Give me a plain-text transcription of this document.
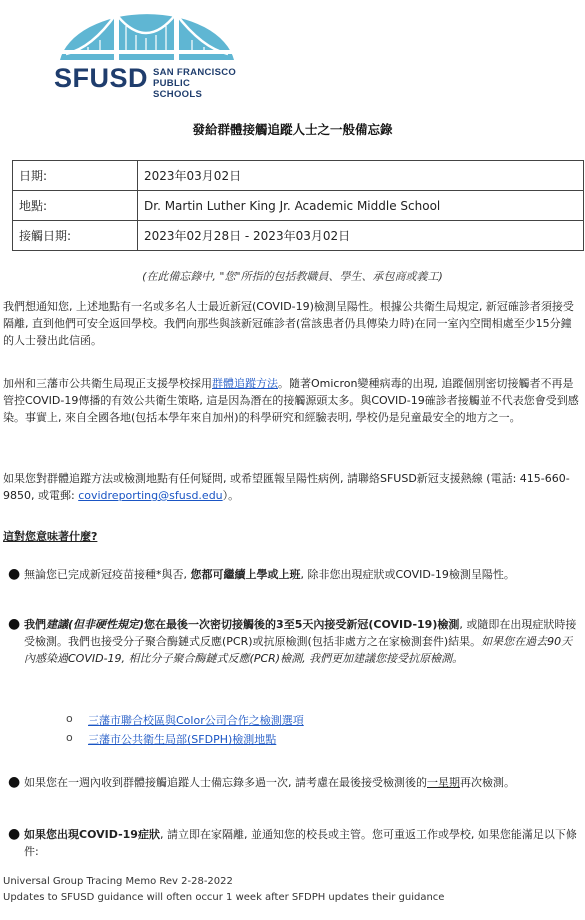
SFUSD SAN FRANCISCO
PUBLIC SCHOOLS
發給群體接觸追蹤人士之一般備忘錄
日期:	2023年03月02日
地點:	Dr. Martin Luther King Jr. Academic Middle School
接觸日期:	2023年02月28日 - 2023年03月02日
(在此備忘錄中, "您"所指的包括教職員、學生、承包商或義工)

我們想通知您, 上述地點有一名或多名人士最近新冠(COVID-19)檢測呈陽性。根據公共衛生局規定, 新冠確診者須接受隔離, 直到他們可安全返回學校。我們向那些與該新冠確診者(當該患者仍具傳染力時)在同一室內空間相處至少15分鐘的人士發出此信函。

加州和三藩市公共衛生局現正支援學校採用群體追蹤方法。隨著Omicron變種病毒的出現, 追蹤個別密切接觸者不再是管控COVID-19傳播的有效公共衛生策略, 這是因為潛在的接觸源頭太多。與COVID-19確診者接觸並不代表您會受到感染。事實上, 來自全國各地(包括本學年來自加州)的科學研究和經驗表明, 學校仍是兒童最安全的地方之一。

如果您對群體追蹤方法或檢測地點有任何疑問, 或希望匯報呈陽性病例, 請聯絡SFUSD新冠支援熱線 (電話: 415-660-9850, 或電郵: covidreporting@sfusd.edu）。

這對您意味著什麼?
● 無論您已完成新冠疫苗接種*與否, 您都可繼續上學或上班, 除非您出現症狀或COVID-19檢測呈陽性。

● 我們建議(但非硬性規定)您在最後一次密切接觸後的3至5天內接受新冠(COVID-19)檢測, 或隨即在出現症狀時接受檢測。我們也接受分子聚合酶鏈式反應(PCR)或抗原檢測(包括非處方之在家檢測套件)結果。如果您在過去90天內感染過COVID-19, 相比分子聚合酶鏈式反應(PCR)檢測, 我們更加建議您接受抗原檢測。

o 三藩市聯合校區與Color公司合作之檢測選項
o 三藩市公共衛生局部(SFDPH)檢測地點
● 如果您在一週內收到群體接觸追蹤人士備忘錄多過一次, 請考慮在最後接受檢測後的一星期再次檢測。

● 如果您出現COVID-19症狀, 請立即在家隔離, 並通知您的校長或主管。您可重返工作或學校, 如果您能滿足以下條件:

Universal Group Tracing Memo Rev 2-28-2022
Updates to SFUSD guidance will often occur 1 week after SFDPH updates their guidance
